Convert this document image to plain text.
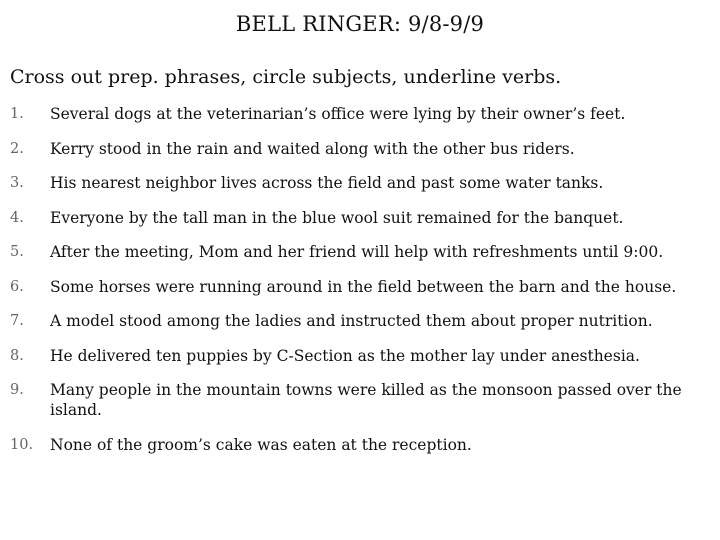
BELL RINGER: 9/8-9/9
Cross out prep. phrases, circle subjects, underline verbs.
1. Several dogs at the veterinarian’s office were lying by their owner’s feet.
2. Kerry stood in the rain and waited along with the other bus riders.
3. His nearest neighbor lives across the field and past some water tanks.
4. Everyone by the tall man in the blue wool suit remained for the banquet.
5. After the meeting, Mom and her friend will help with refreshments until 9:00.
6. Some horses were running around in the field between the barn and the house.
7. A model stood among the ladies and instructed them about proper nutrition.
8. He delivered ten puppies by C-Section as the mother lay under anesthesia.
9. Many people in the mountain towns were killed as the monsoon passed over the island.
10. None of the groom’s cake was eaten at the reception.
